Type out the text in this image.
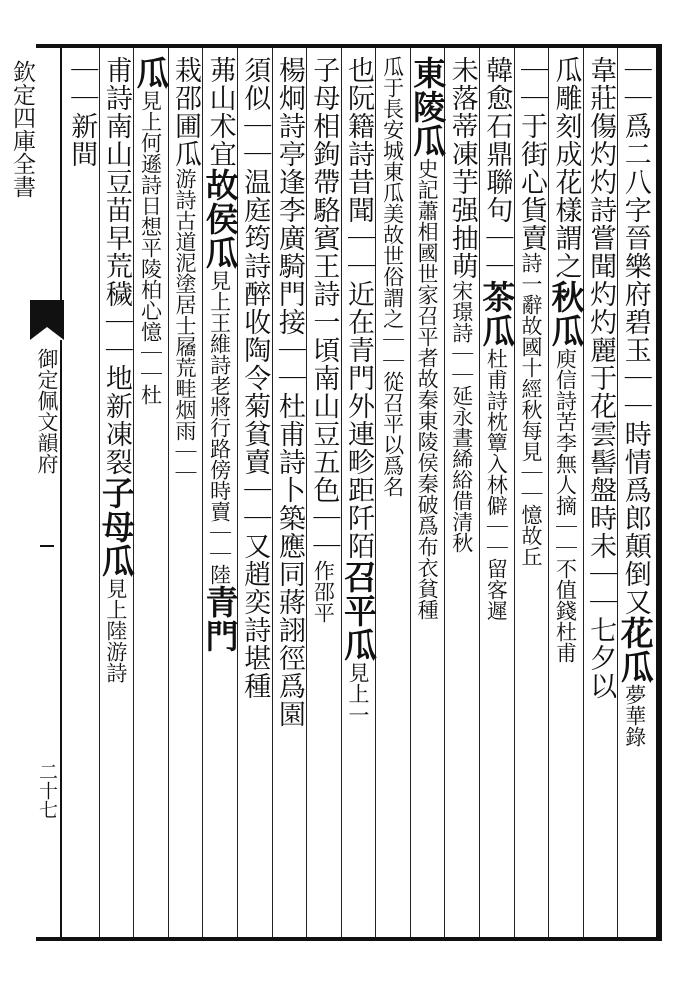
欽定四庫全書
御定佩文韻府
二十七
｜｜爲二八字晉樂府碧玉｜｜時情爲郎顛倒又花瓜夢華錄
韋莊傷灼灼詩嘗聞灼灼麗于花雲髻盤時未｜｜七夕以
瓜雕刻成花樣謂之秋瓜庾信詩苦李無人摘｜｜不值錢杜甫
｜｜于街心貨賣詩一辭故國十經秋每見｜｜憶故丘
韓愈石鼎聯句｜｜茶瓜杜甫詩枕簟入林僻｜｜留客遲
未落蒂凍芋强抽萌宋璟詩｜｜延永晝絺綌借清秋
東陵瓜史記蕭相國世家召平者故秦東陵侯秦破爲布衣貧種
瓜于長安城東瓜美故世俗謂之｜｜從召平以爲名
也阮籍詩昔聞｜｜近在青門外連畛距阡陌召平瓜見上一
子母相鉤帶駱賓王詩一頃南山豆五色｜｜作邵平
楊炯詩亭逢李廣騎門接｜｜杜甫詩卜築應同蔣詡徑爲園
須似｜｜温庭筠詩醉收陶令菊貧賣｜｜又趙奕詩堪種
茀山术宜故侯瓜見上王維詩老將行路傍時賣｜｜陸青門
栽邵圃瓜游詩古道泥塗居士屩荒畦烟雨｜｜
瓜見上何遜詩日想平陵柏心憶｜｜杜
甫詩南山豆苗早荒穢｜｜地新凍裂子母瓜見上陸游詩
｜｜新間
